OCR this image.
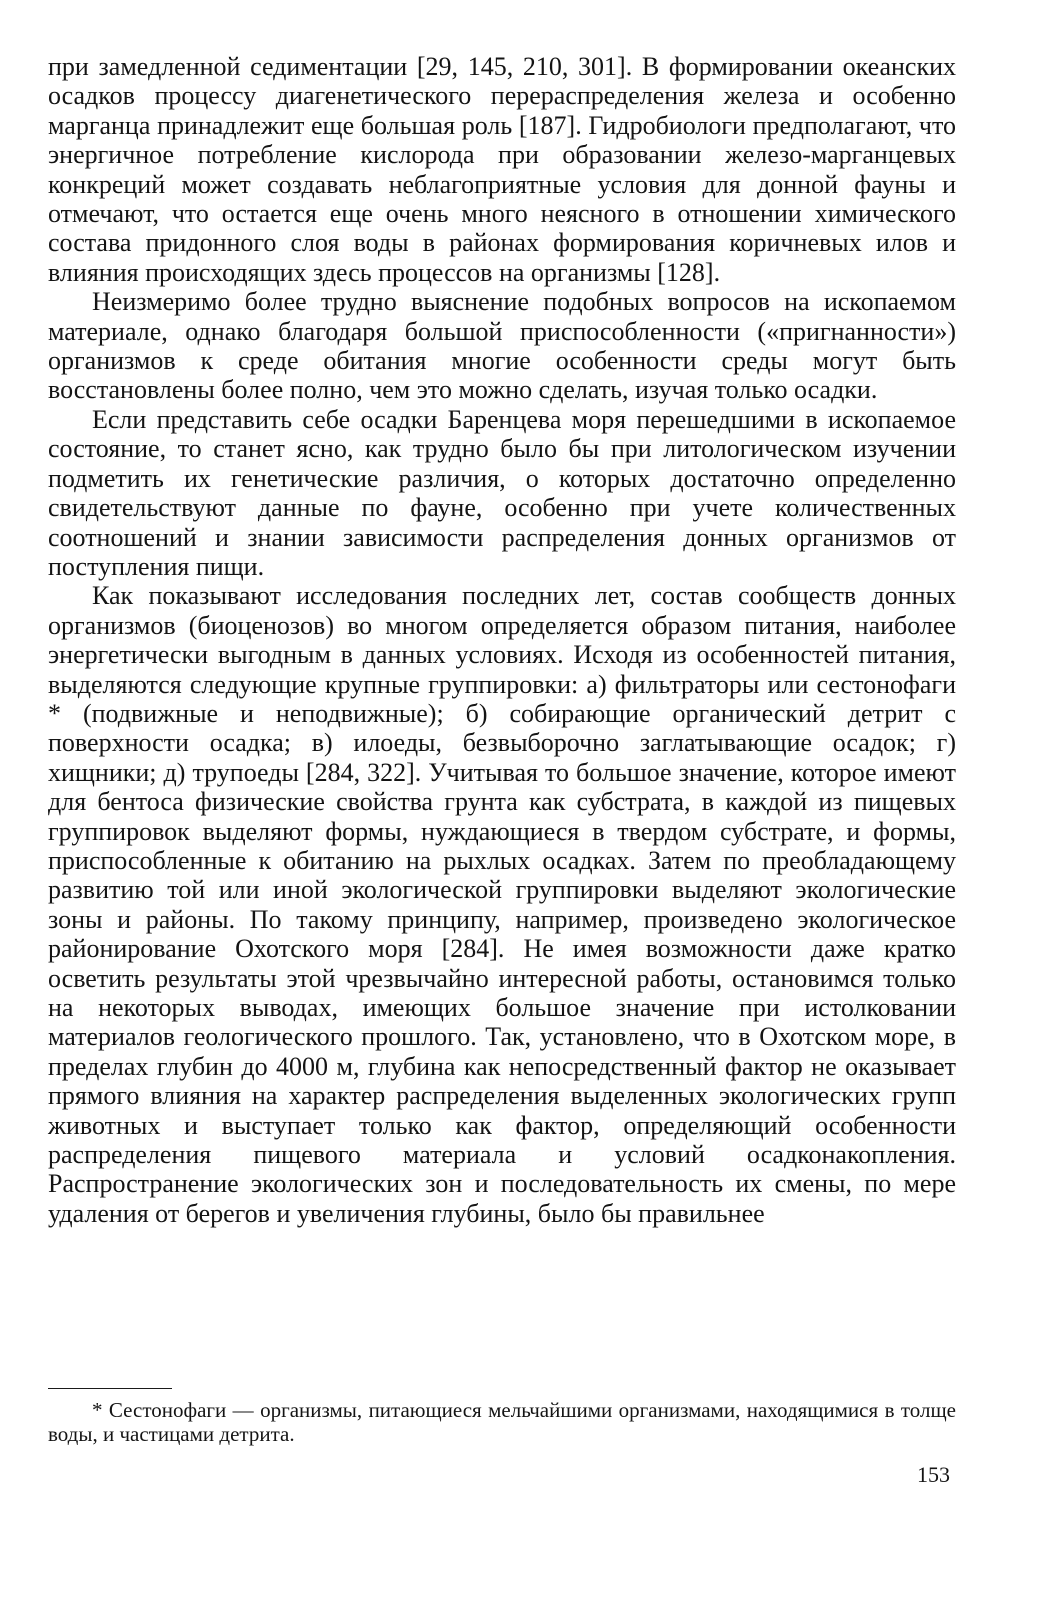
при замедленной седиментации [29, 145, 210, 301]. В формировании океанских осадков процессу диагенетического перераспределения железа и особенно марганца принадлежит еще большая роль [187]. Гидробиологи предполагают, что энергичное потребление кислорода при образовании железо-марганцевых конкреций может создавать неблагоприятные условия для донной фауны и отмечают, что остается еще очень много неясного в отношении химического состава придонного слоя воды в районах формирования коричневых илов и влияния происходящих здесь процессов на организмы [128].

Неизмеримо более трудно выяснение подобных вопросов на ископаемом материале, однако благодаря большой приспособленности («пригнанности») организмов к среде обитания многие особенности среды могут быть восстановлены более полно, чем это можно сделать, изучая только осадки.

Если представить себе осадки Баренцева моря перешедшими в ископаемое состояние, то станет ясно, как трудно было бы при литологическом изучении подметить их генетические различия, о которых достаточно определенно свидетельствуют данные по фауне, особенно при учете количественных соотношений и знании зависимости распределения донных организмов от поступления пищи.

Как показывают исследования последних лет, состав сообществ донных организмов (биоценозов) во многом определяется образом питания, наиболее энергетически выгодным в данных условиях. Исходя из особенностей питания, выделяются следующие крупные группировки: а) фильтраторы или сестонофаги * (подвижные и неподвижные); б) собирающие органический детрит с поверхности осадка; в) илоеды, безвыборочно заглатывающие осадок; г) хищники; д) трупоеды [284, 322]. Учитывая то большое значение, которое имеют для бентоса физические свойства грунта как субстрата, в каждой из пищевых группировок выделяют формы, нуждающиеся в твердом субстрате, и формы, приспособленные к обитанию на рыхлых осадках. Затем по преобладающему развитию той или иной экологической группировки выделяют экологические зоны и районы. По такому принципу, например, произведено экологическое районирование Охотского моря [284]. Не имея возможности даже кратко осветить результаты этой чрезвычайно интересной работы, остановимся только на некоторых выводах, имеющих большое значение при истолковании материалов геологического прошлого. Так, установлено, что в Охотском море, в пределах глубин до 4000 м, глубина как непосредственный фактор не оказывает прямого влияния на характер распределения выделенных экологических групп животных и выступает только как фактор, определяющий особенности распределения пищевого материала и условий осадконакопления. Распространение экологических зон и последовательность их смены, по мере удаления от берегов и увеличения глубины, было бы правильнее

* Сестонофаги — организмы, питающиеся мельчайшими организмами, находящимися в толще воды, и частицами детрита.

153
